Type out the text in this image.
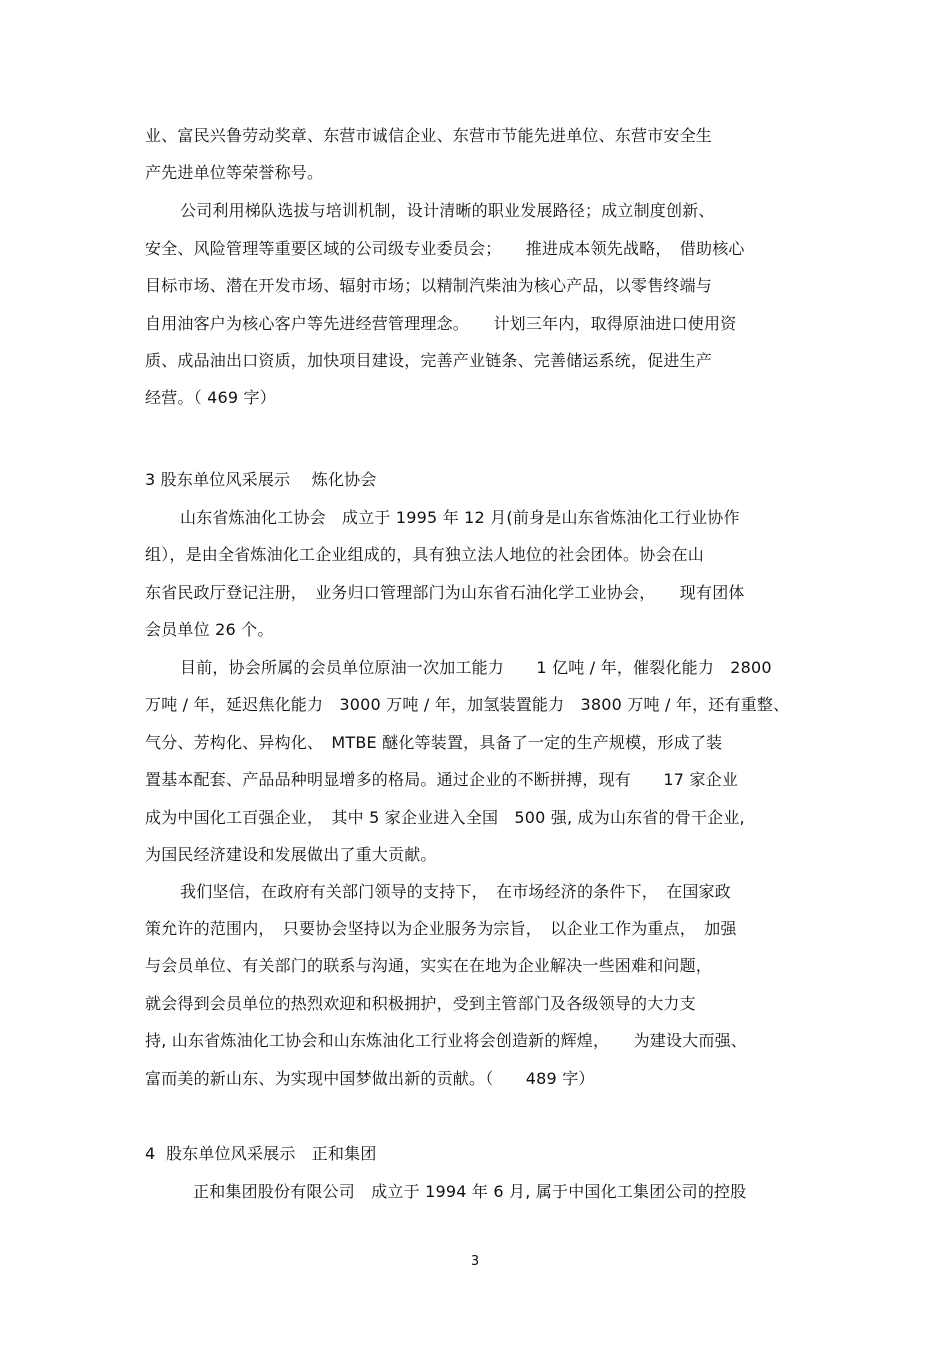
业、富民兴鲁劳动奖章、东营市诚信企业、东营市节能先进单位、东营市安全生
产先进单位等荣誉称号。
公司利用梯队选拔与培训机制，设计清晰的职业发展路径；成立制度创新、
安全、风险管理等重要区域的公司级专业委员会；　　推进成本领先战略，　借助核心
目标市场、潜在开发市场、辐射市场；以精制汽柴油为核心产品，以零售终端与
自用油客户为核心客户等先进经营管理理念。　　计划三年内，取得原油进口使用资
质、成品油出口资质，加快项目建设，完善产业链条、完善储运系统，促进生产
经营。（ 469 字）
3 股东单位风采展示　 炼化协会
山东省炼油化工协会　成立于 1995 年 12 月(前身是山东省炼油化工行业协作
组），是由全省炼油化工企业组成的，具有独立法人地位的社会团体。协会在山
东省民政厅登记注册，　业务归口管理部门为山东省石油化学工业协会，　　现有团体
会员单位 26 个。
目前，协会所属的会员单位原油一次加工能力　　1 亿吨 / 年，催裂化能力　2800
万吨 / 年，延迟焦化能力　3000 万吨 / 年，加氢装置能力　3800 万吨 / 年，还有重整、
气分、芳构化、异构化、　MTBE 醚化等装置，具备了一定的生产规模，形成了装
置基本配套、产品品种明显增多的格局。通过企业的不断拼搏，现有　　17 家企业
成为中国化工百强企业，　其中 5 家企业进入全国　500 强, 成为山东省的骨干企业,
为国民经济建设和发展做出了重大贡献。
我们坚信，在政府有关部门领导的支持下，　在市场经济的条件下，　在国家政
策允许的范围内，　只要协会坚持以为企业服务为宗旨，　以企业工作为重点，　加强
与会员单位、有关部门的联系与沟通，实实在在地为企业解决一些困难和问题，
就会得到会员单位的热烈欢迎和积极拥护，受到主管部门及各级领导的大力支
持, 山东省炼油化工协会和山东炼油化工行业将会创造新的辉煌，　　为建设大而强、
富而美的新山东、为实现中国梦做出新的贡献。（　　489 字）
4  股东单位风采展示　正和集团
正和集团股份有限公司　成立于 1994 年 6 月, 属于中国化工集团公司的控股
3
